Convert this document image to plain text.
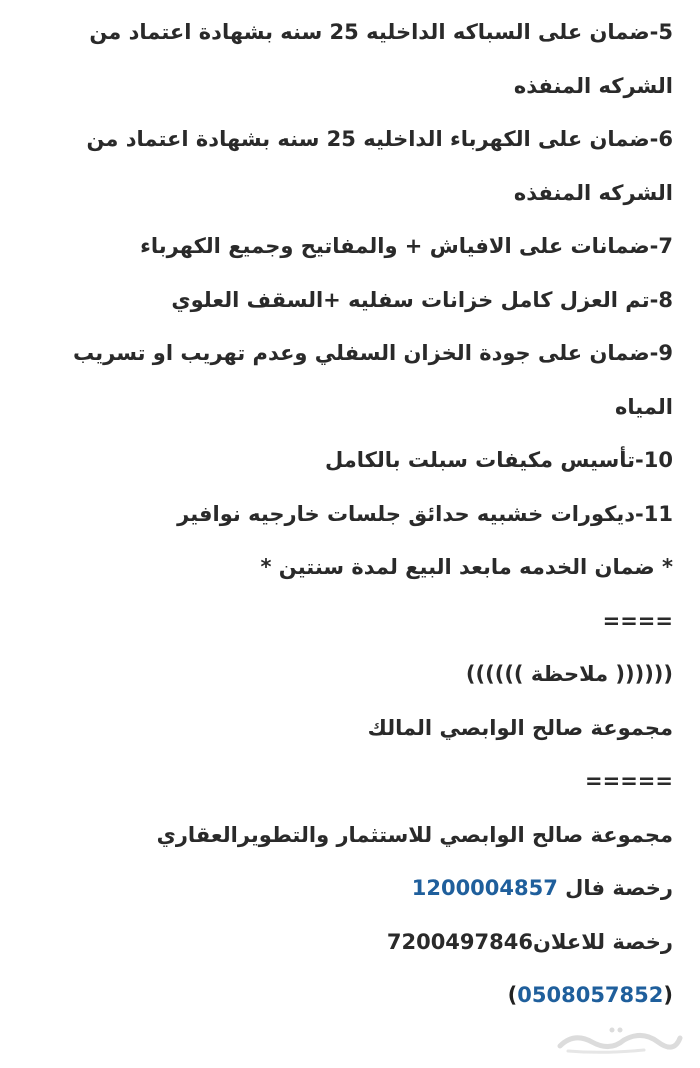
5-ضمان على السباكه الداخليه 25 سنه بشهادة اعتماد من
الشركه المنفذه
6-ضمان على الكهرباء الداخليه 25 سنه بشهادة اعتماد من
الشركه المنفذه
7-ضمانات على الافياش + والمفاتيح وجميع الكهرباء
8-تم العزل كامل خزانات سفليه +السقف العلوي
9-ضمان على جودة الخزان السفلي وعدم تهريب او تسريب
المياه
10-تأسيس مكيفات سبلت بالكامل
11-ديكورات خشبيه حدائق جلسات خارجيه نوافير
* ضمان الخدمه مابعد البيع لمدة سنتين *
====
(((((( ملاحظة ))))))
مجموعة صالح الوابصي المالك
=====
مجموعة صالح الوابصي للاستثمار والتطويرالعقاري
رخصة فال 1200004857
رخصة للاعلان7200497846
(0508057852)
